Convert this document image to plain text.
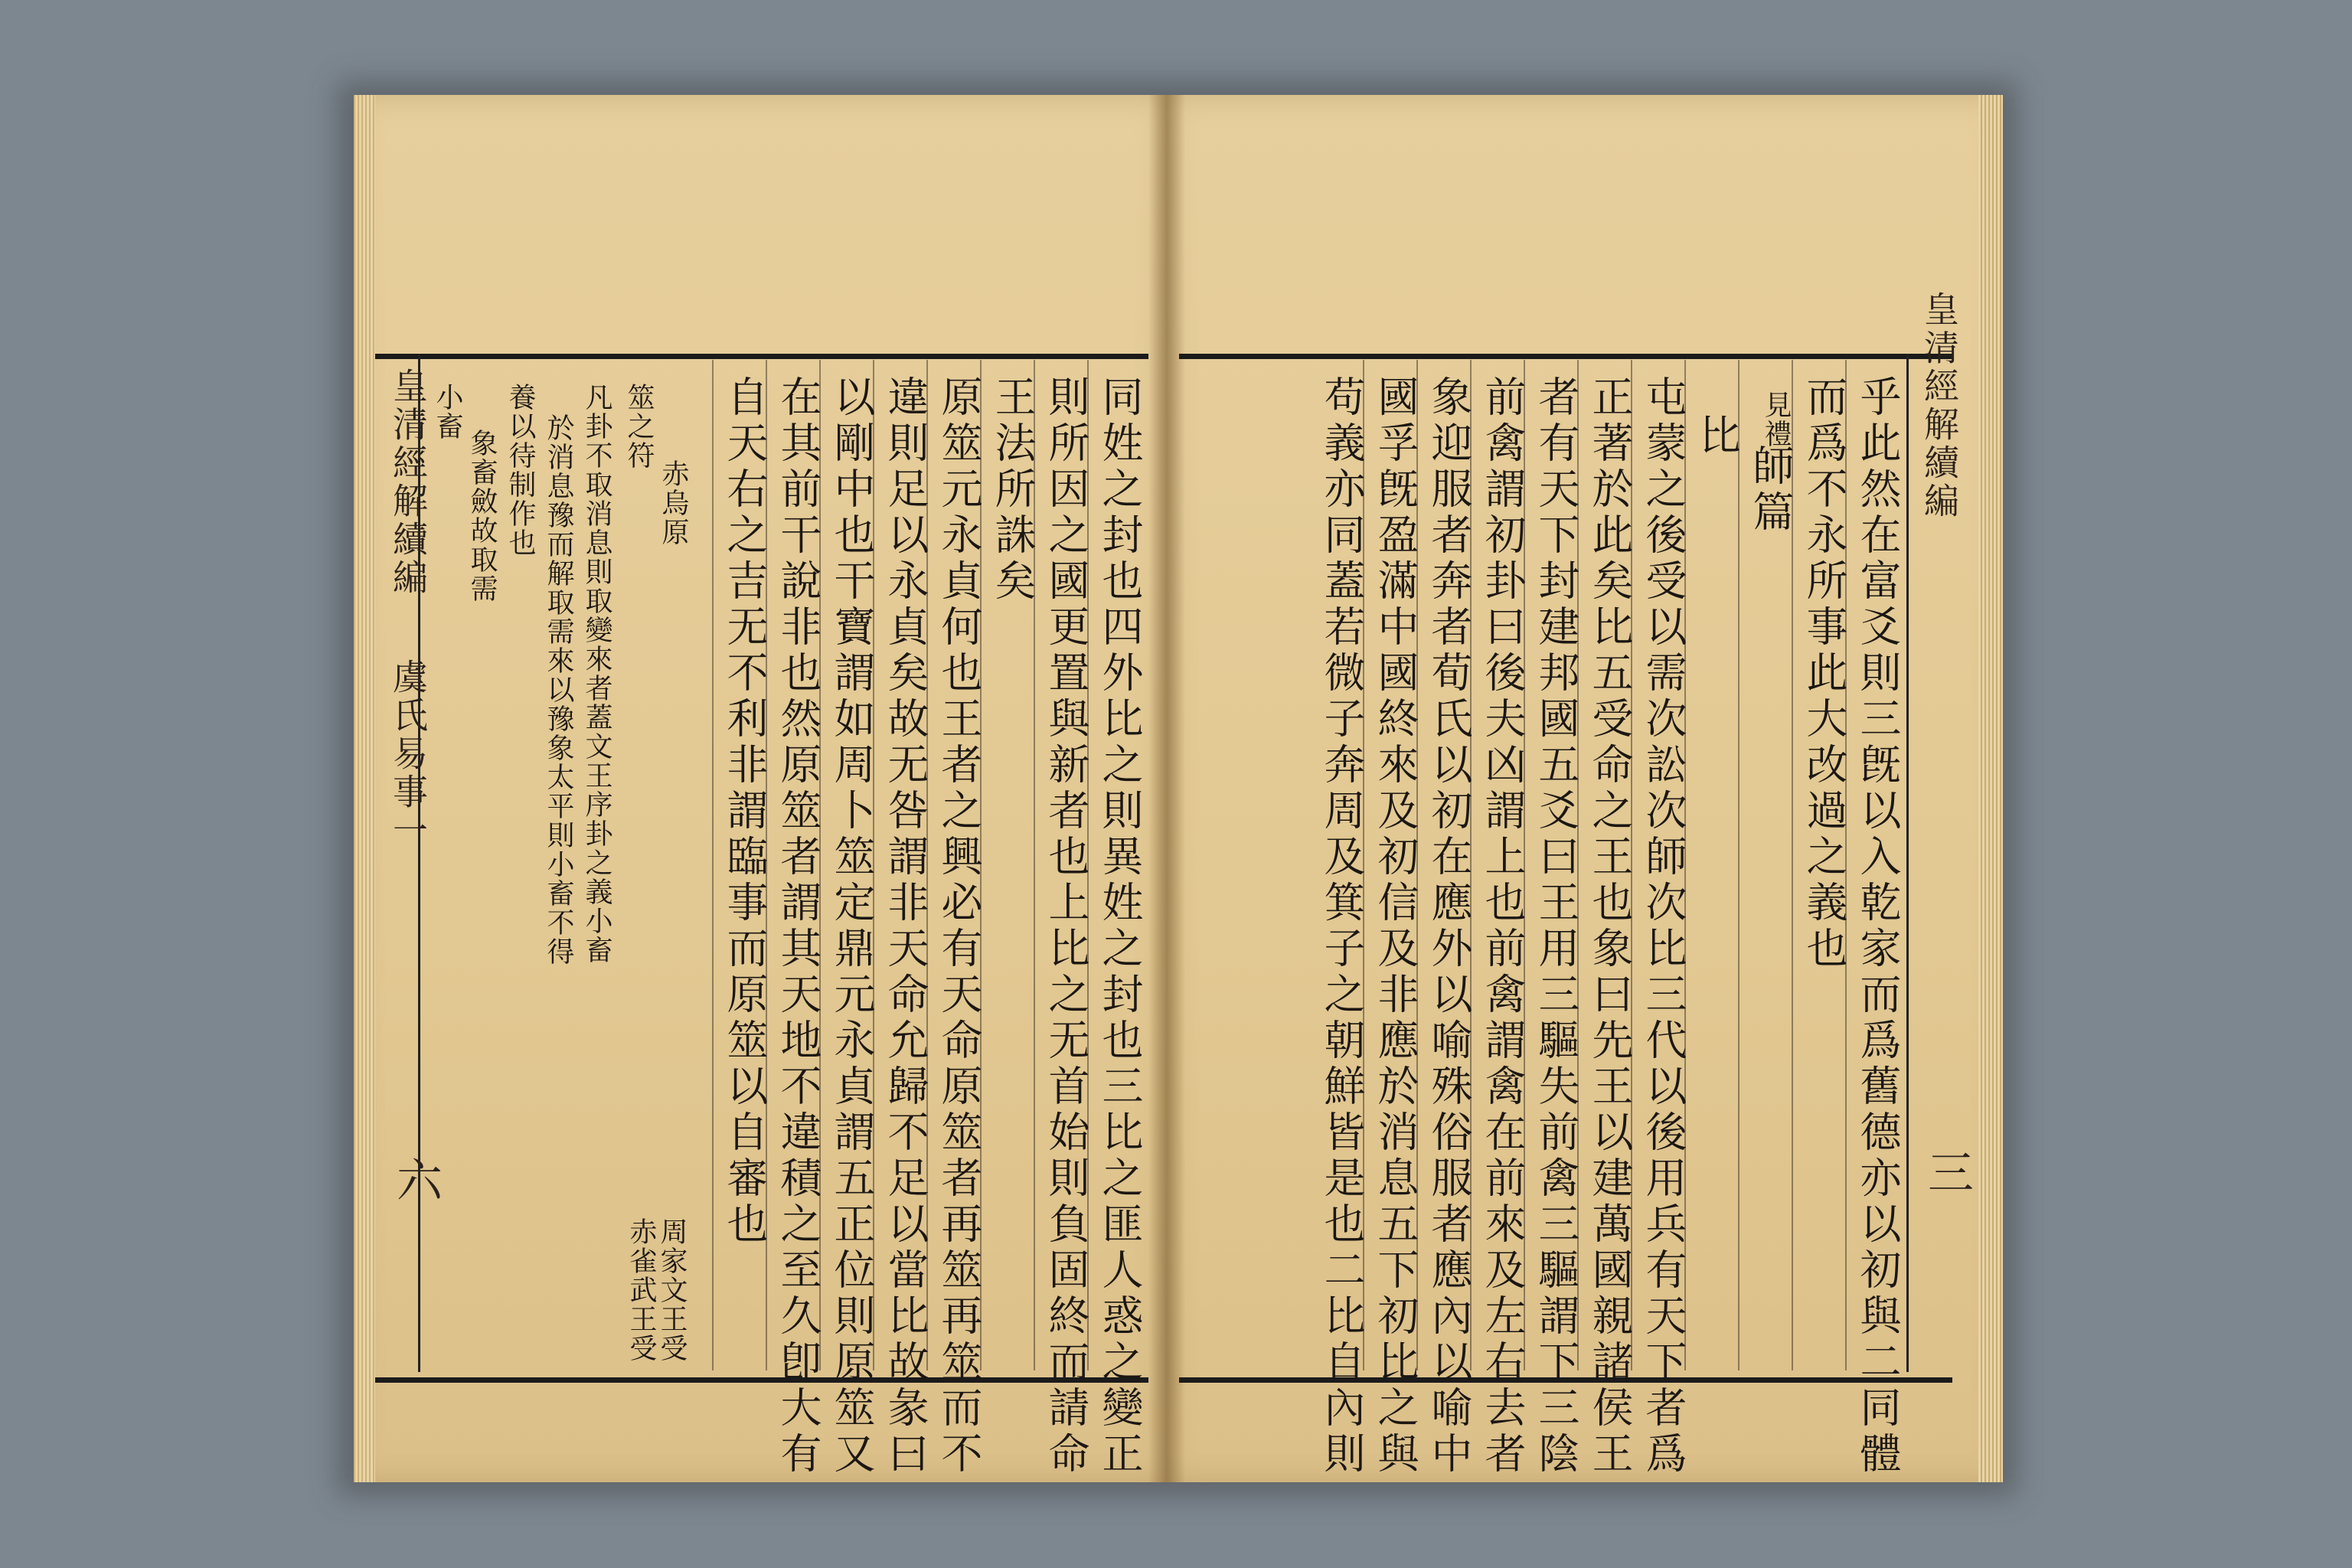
皇清經解續編
虞氏易事一
六
小畜
象畜斂故取需 養以待制作也 於消息豫而解取需來以豫象太平則小畜不得 凡卦不取消息則取變來者蓋文王序卦之義小畜 筮之符
赤烏原
赤雀武王受 周家文王受	同姓之封也四外比之則異姓之封也三比之匪人惑之變正
則所因之國更置與新者也上比之无首始則負固終而請命
王法所誅矣
原筮元永貞何也王者之興必有天命原筮者再筮再筮而不
違則足以永貞矣故无咎謂非天命允歸不足以當比故彖曰
以剛中也干寶謂如周卜筮定鼎元永貞謂五正位則原筮又
在其前干說非也然原筮者謂其天地不違積之至久卽大有
自天右之吉无不利非謂臨事而原筮以自審也	皇清經解續編
三
乎此然在富爻則三旣以入乾家而爲舊德亦以初與二同體
而爲不永所事此大改過之義也
師篇
見禮
比
屯蒙之後受以需次訟次師次比三代以後用兵有天下者爲
正著於此矣比五受命之王也象曰先王以建萬國親諸侯王
者有天下封建邦國五爻曰王用三驅失前禽三驅謂下三陰
前禽謂初卦曰後夫凶謂上也前禽謂禽在前來及左右去者
象迎服者奔者荀氏以初在應外以喻殊俗服者應內以喻中
國孚旣盈滿中國終來及初信及非應於消息五下初比之與
苟義亦同蓋若微子奔周及箕子之朝鮮皆是也二比自內則
